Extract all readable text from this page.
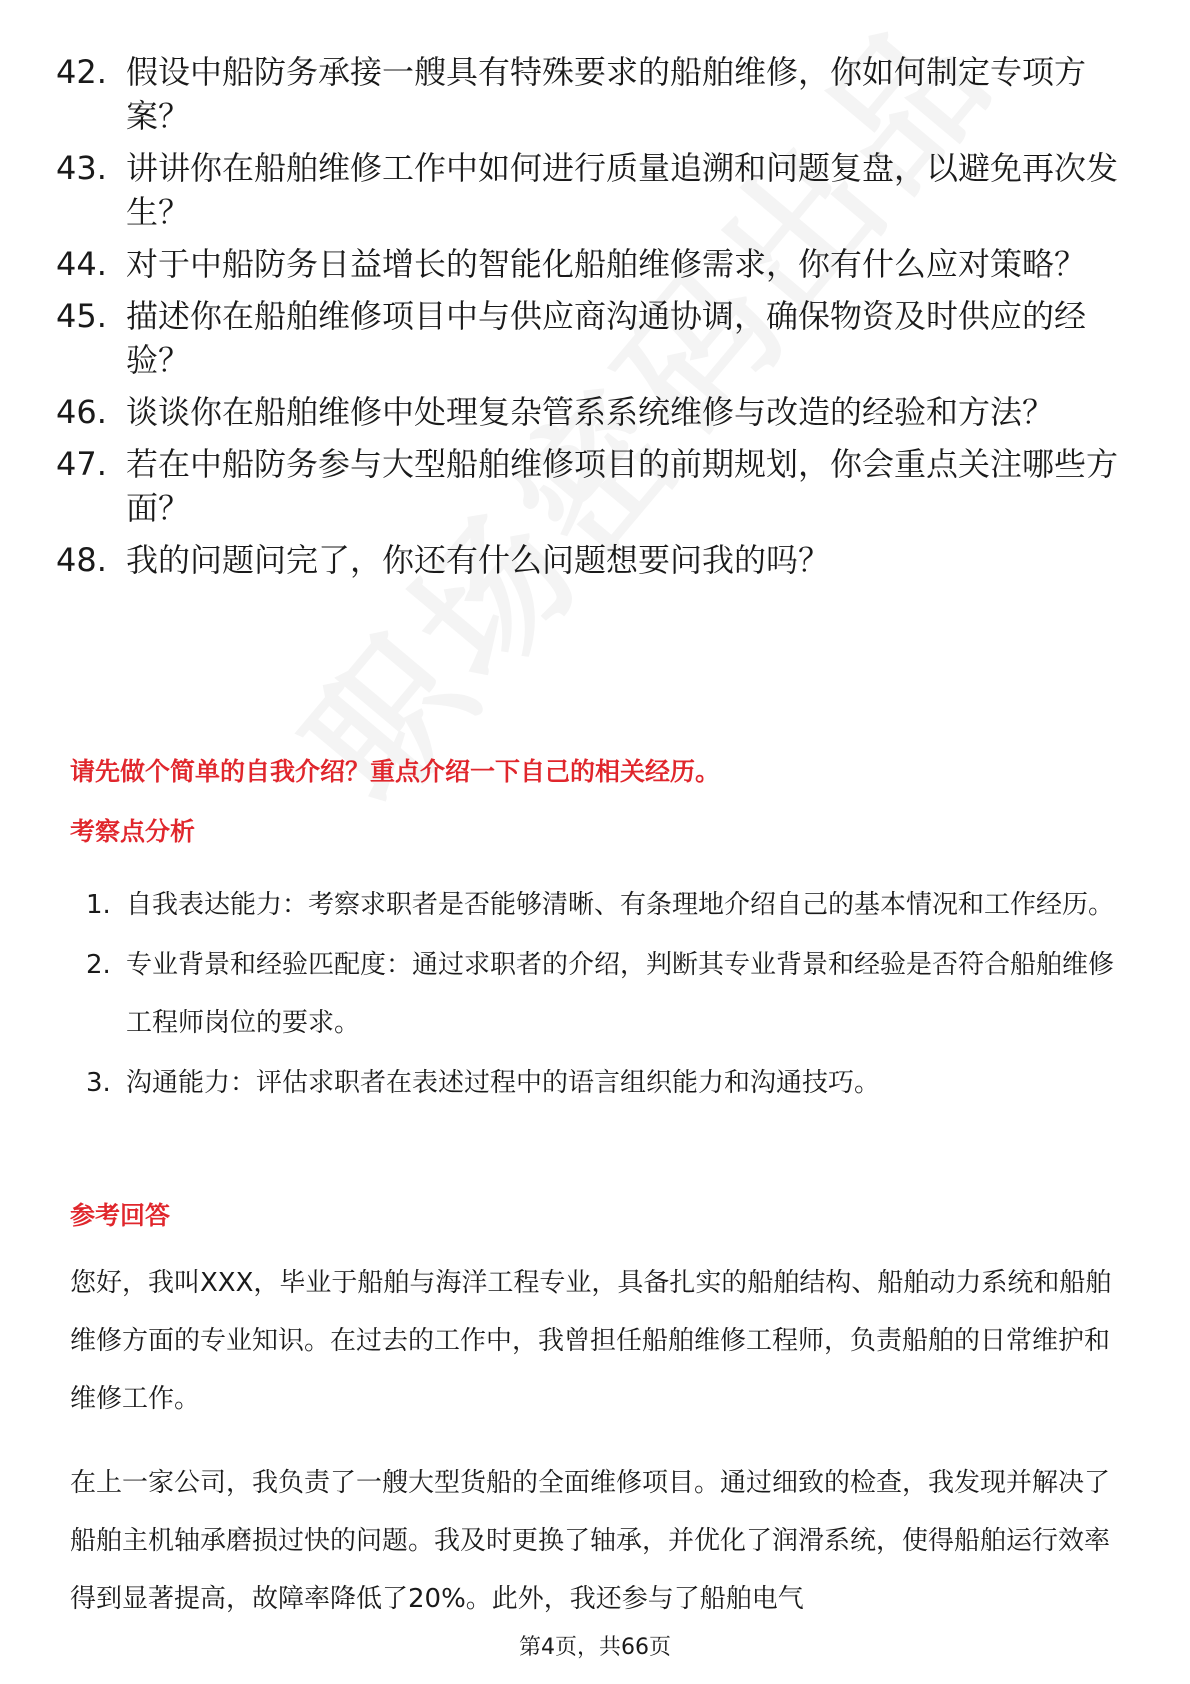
42. 假设中船防务承接一艘具有特殊要求的船舶维修，你如何制定专项方案？
43. 讲讲你在船舶维修工作中如何进行质量追溯和问题复盘，以避免再次发生？
44. 对于中船防务日益增长的智能化船舶维修需求，你有什么应对策略？
45. 描述你在船舶维修项目中与供应商沟通协调，确保物资及时供应的经验？
46. 谈谈你在船舶维修中处理复杂管系系统维修与改造的经验和方法？
47. 若在中船防务参与大型船舶维修项目的前期规划，你会重点关注哪些方面？
48. 我的问题问完了，你还有什么问题想要问我的吗？
请先做个简单的自我介绍？重点介绍一下自己的相关经历。
考察点分析
1. 自我表达能力：考察求职者是否能够清晰、有条理地介绍自己的基本情况和工作经历。
2. 专业背景和经验匹配度：通过求职者的介绍，判断其专业背景和经验是否符合船舶维修工程师岗位的要求。
3. 沟通能力：评估求职者在表述过程中的语言组织能力和沟通技巧。
参考回答

您好，我叫XXX，毕业于船舶与海洋工程专业，具备扎实的船舶结构、船舶动力系统和船舶维修方面的专业知识。在过去的工作中，我曾担任船舶维修工程师，负责船舶的日常维护和维修工作。

在上一家公司，我负责了一艘大型货船的全面维修项目。通过细致的检查，我发现并解决了船舶主机轴承磨损过快的问题。我及时更换了轴承，并优化了润滑系统，使得船舶运行效率得到显著提高，故障率降低了20%。此外，我还参与了船舶电气

第4页，共66页
